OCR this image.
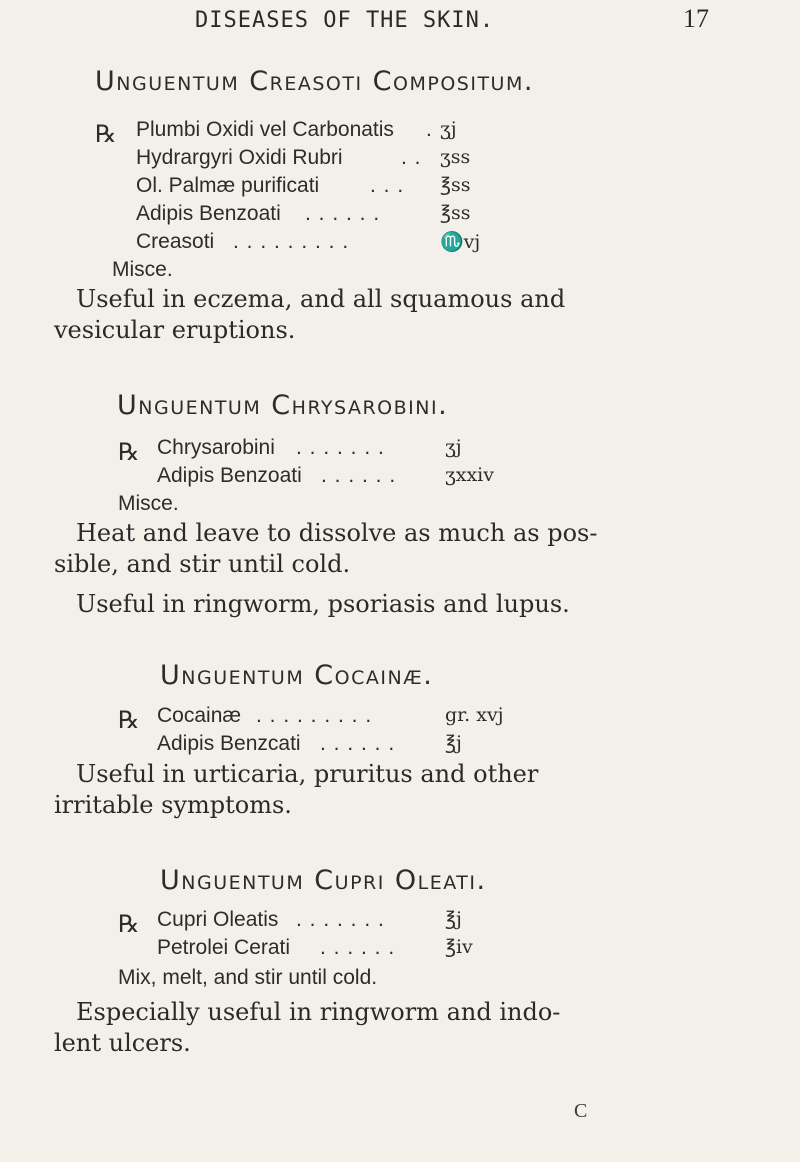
DISEASES OF THE SKIN.	17
Unguentum Creasoti Compositum.
℞ Plumbi Oxidi vel Carbonatis . ʒj
Hydrargyri Oxidi Rubri	. . ʒss
Ol. Palmæ purificati . . . ℥ss
Adipis Benzoati . . . . . .	℥ss
Creasoti . . . . . . . . .	♏vj
Misce.
Useful in eczema, and all squamous and
vesicular eruptions.
Unguentum Chrysarobini.
℞ Chrysarobini . . . . . . .	ʒj
Adipis Benzoati . . . . . .	ʒxxiv
Misce.
Heat and leave to dissolve as much as pos-
sible, and stir until cold.
Useful in ringworm, psoriasis and lupus.
Unguentum Cocainæ.
℞ Cocainæ . . . . . . . . .	gr. xvj
Adipis Benzcati . . . . . .	℥j
Useful in urticaria, pruritus and other
irritable symptoms.
Unguentum Cupri Oleati.
℞ Cupri Oleatis . . . . . . .	℥j
Petrolei Cerati . . . . . .	℥iv
Mix, melt, and stir until cold.
Especially useful in ringworm and indo-
lent ulcers.
C
